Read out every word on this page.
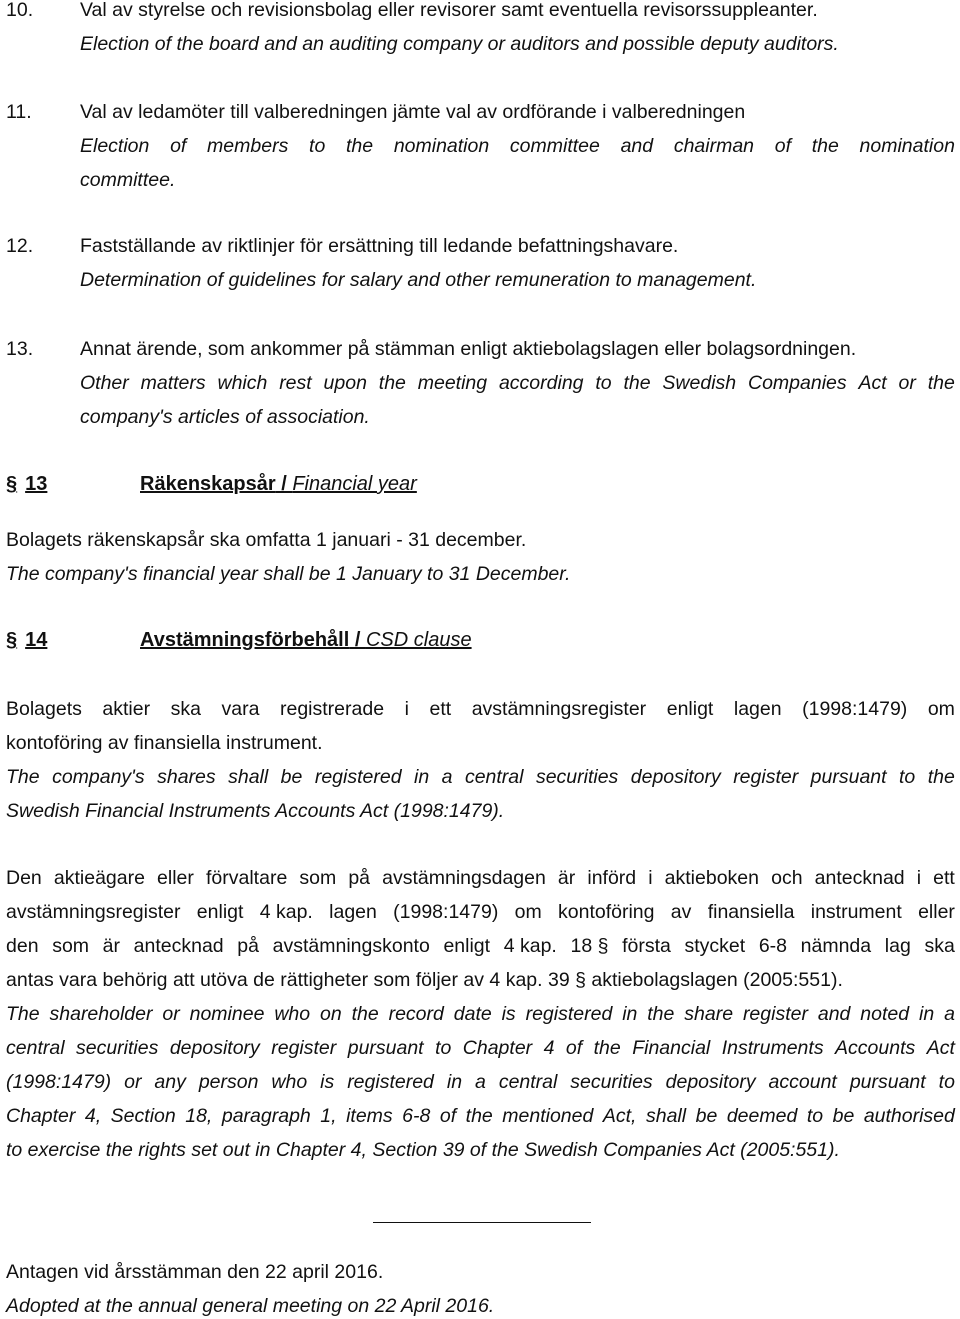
10. Val av styrelse och revisionsbolag eller revisorer samt eventuella revisorssuppleanter.
Election of the board and an auditing company or auditors and possible deputy auditors.
11. Val av ledamöter till valberedningen jämte val av ordförande i valberedningen
Election of members to the nomination committee and chairman of the nomination
committee.
12. Fastställande av riktlinjer för ersättning till ledande befattningshavare.
Determination of guidelines for salary and other remuneration to management.
13. Annat ärende, som ankommer på stämman enligt aktiebolagslagen eller bolagsordningen.
Other matters which rest upon the meeting according to the Swedish Companies Act or the
company's articles of association.
§ 13	Räkenskapsår / Financial year
Bolagets räkenskapsår ska omfatta 1 januari - 31 december.
The company's financial year shall be 1 January to 31 December.
§ 14	Avstämningsförbehåll / CSD clause
Bolagets aktier ska vara registrerade i ett avstämningsregister enligt lagen (1998:1479) om
kontoföring av finansiella instrument.
The company's shares shall be registered in a central securities depository register pursuant to the
Swedish Financial Instruments Accounts Act (1998:1479).
Den aktieägare eller förvaltare som på avstämningsdagen är införd i aktieboken och antecknad i ett
avstämningsregister enligt 4 kap. lagen (1998:1479) om kontoföring av finansiella instrument eller
den som är antecknad på avstämningskonto enligt 4 kap. 18 § första stycket 6-8 nämnda lag ska
antas vara behörig att utöva de rättigheter som följer av 4 kap. 39 § aktiebolagslagen (2005:551).
The shareholder or nominee who on the record date is registered in the share register and noted in a
central securities depository register pursuant to Chapter 4 of the Financial Instruments Accounts Act
(1998:1479) or any person who is registered in a central securities depository account pursuant to
Chapter 4, Section 18, paragraph 1, items 6-8 of the mentioned Act, shall be deemed to be authorised
to exercise the rights set out in Chapter 4, Section 39 of the Swedish Companies Act (2005:551).
Antagen vid årsstämman den 22 april 2016.
Adopted at the annual general meeting on 22 April 2016.
